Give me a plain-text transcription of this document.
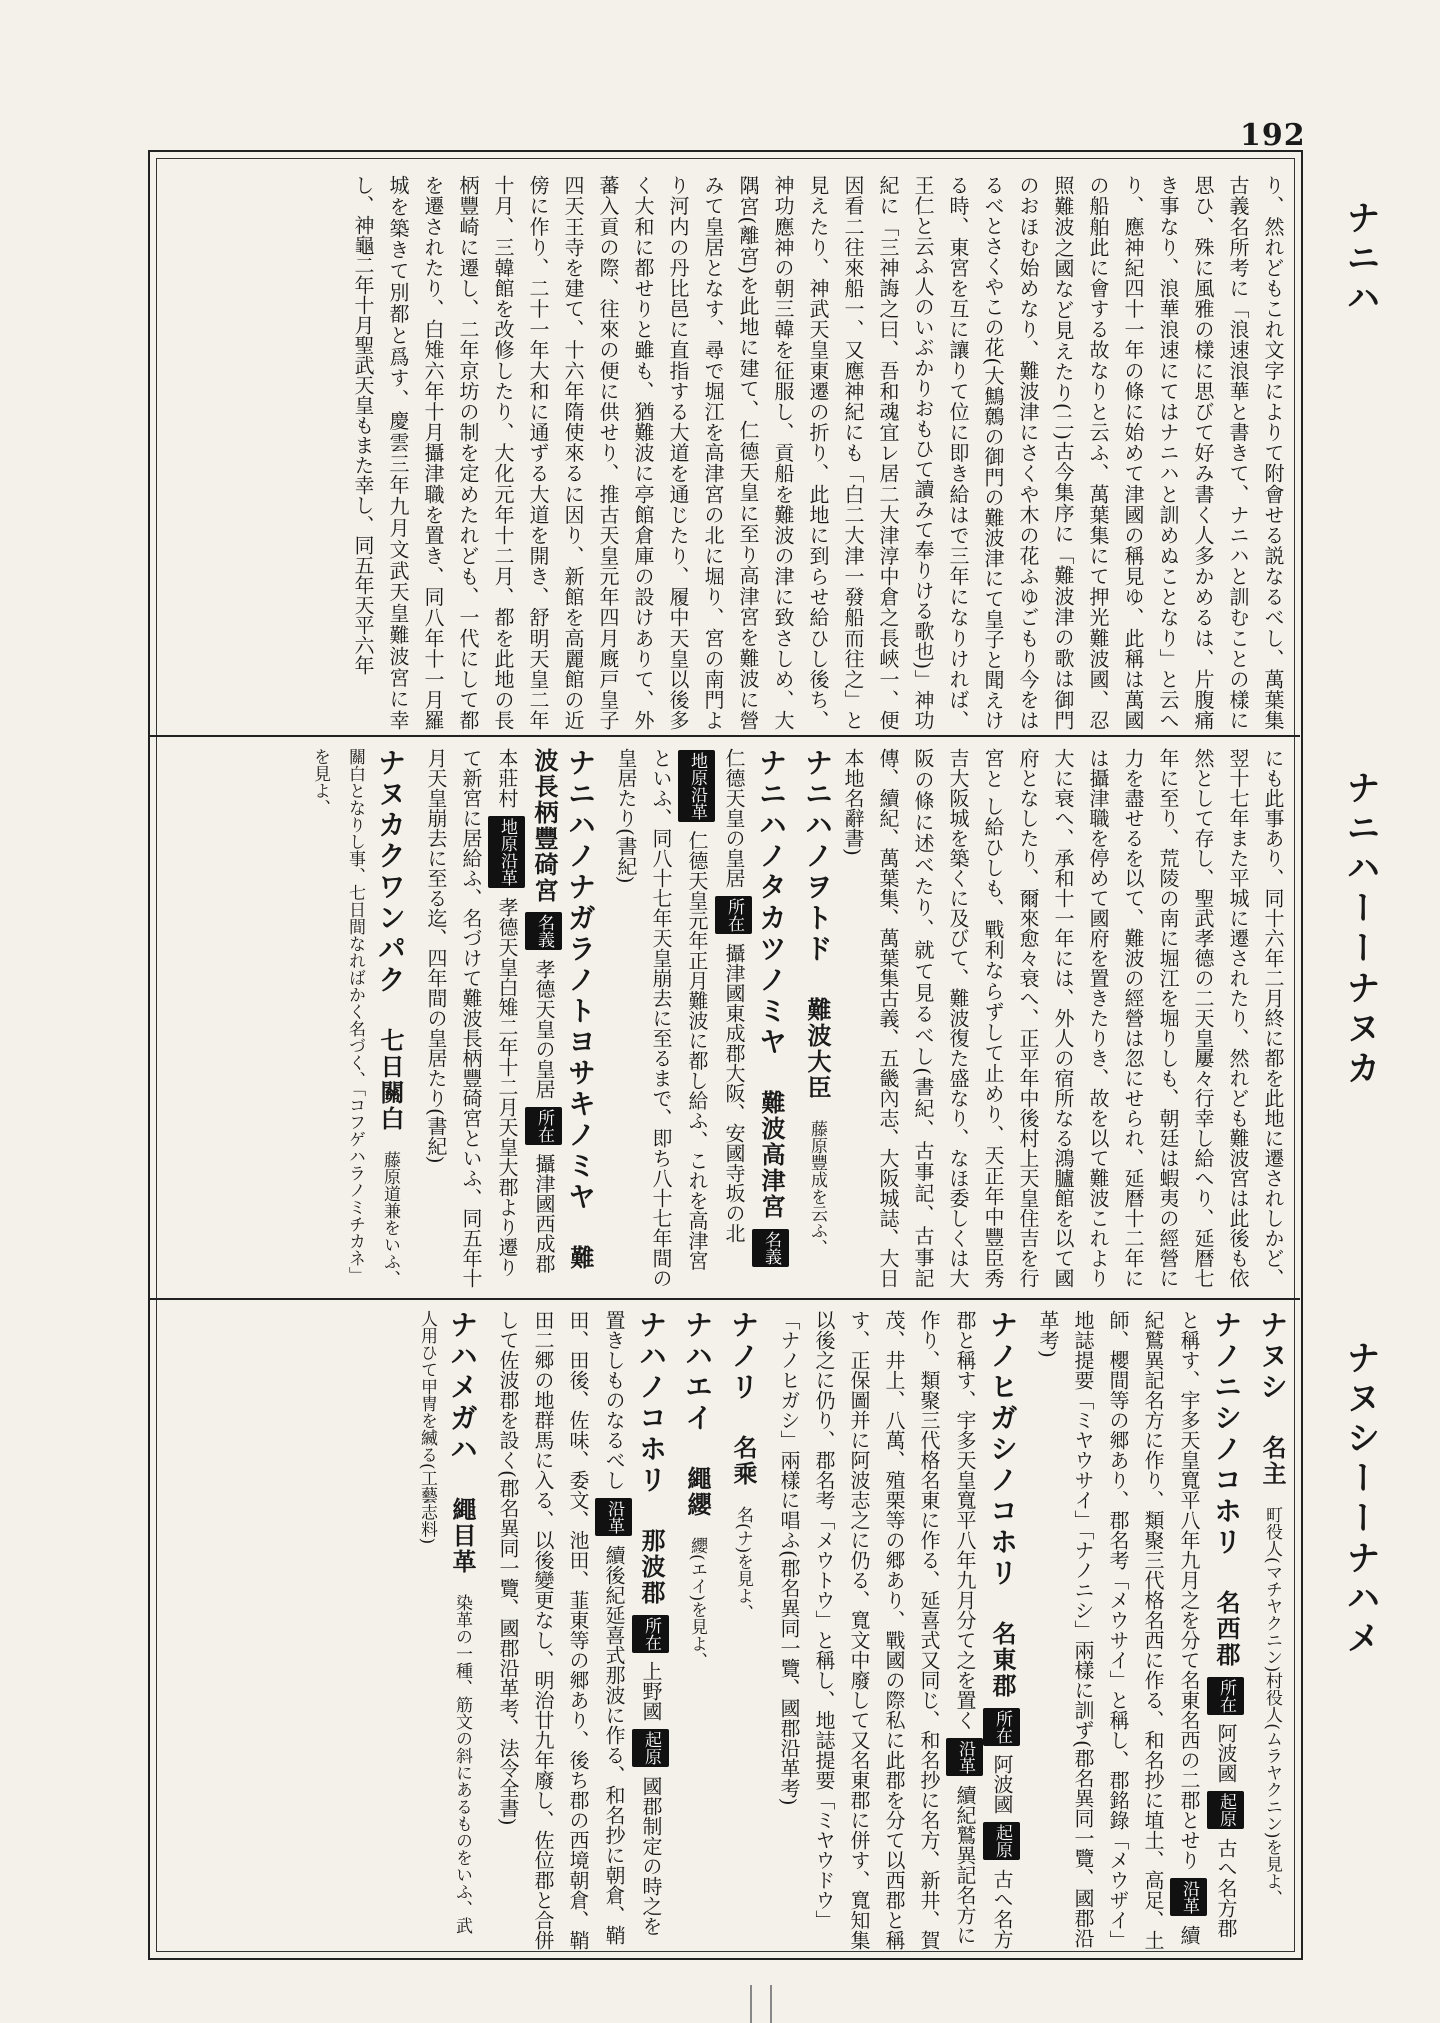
192
ナニハ
ナニハーーナヌカ
ナヌシーーナハメ

り、然れどもこれ文字によりて附會せる説なるべし、萬葉集古義名所考に「浪速浪華と書きて、ナニハと訓むことの樣に思ひ、殊に風雅の樣に思びて好み書く人多かめるは、片腹痛き事なり、浪華浪速にてはナニハと訓めぬことなり」と云へり、應神紀四十一年の條に始めて津國の稱見ゆ、此稱は萬國の船舶此に會する故なりと云ふ、萬葉集にて押光難波國、忍照難波之國など見えたり(二)古今集序に「難波津の歌は御門のおほむ始めなり、難波津にさくや木の花ふゆごもり今をはるべとさくやこの花(大鷦鷯の御門の難波津にて皇子と聞えける時、東宮を互に讓りて位に即き給はで三年になりければ、王仁と云ふ人のいぶかりおもひて讀みて奉りける歌也)」神功紀に「三神誨之曰、吾和魂宜レ居二大津淳中倉之長峽一、便因看二往來船一、又應神紀にも「白二大津一發船而往之」と見えたり、神武天皇東遷の折り、此地に到らせ給ひし後ち、神功應神の朝三韓を征服し、貢船を難波の津に致さしめ、大隅宮(離宮)を此地に建て、仁德天皇に至り高津宮を難波に營みて皇居となす、尋で堀江を高津宮の北に堀り、宮の南門より河内の丹比邑に直指する大道を通じたり、履中天皇以後多く大和に都せりと雖も、猶難波に亭館倉庫の設けありて、外蕃入貢の際、往來の便に供せり、推古天皇元年四月廐戸皇子四天王寺を建て、十六年隋使來るに因り、新館を高麗館の近傍に作り、二十一年大和に通ずる大道を開き、舒明天皇二年十月、三韓館を改修したり、大化元年十二月、都を此地の長柄豐崎に遷し、二年京坊の制を定めたれども、一代にして都を遷されたり、白雉六年十月攝津職を置き、同八年十一月羅城を築きて別都と爲す、慶雲三年九月文武天皇難波宮に幸し、神龜二年十月聖武天皇もまた幸し、同五年天平六年

にも此事あり、同十六年二月終に都を此地に遷されしかど、翌十七年また平城に遷されたり、然れども難波宮は此後も依然として存し、聖武孝德の二天皇屢々行幸し給へり、延暦七年に至り、荒陵の南に堀江を堀りしも、朝廷は蝦夷の經營に力を盡せるを以て、難波の經營は忽にせられ、延暦十二年には攝津職を停めて國府を置きたりき、故を以て難波これより大に衰へ、承和十一年には、外人の宿所なる鴻臚館を以て國府となしたり、爾來愈々衰へ、正平年中後村上天皇住吉を行宮と し給ひしも、戰利ならずして止めり、天正年中豐臣秀吉大阪城を築くに及びて、難波復た盛なり、なほ委しくは大阪の條に述べたり、就て見るべし(書紀、古事記、古事記傳、續紀、萬葉集、萬葉集古義、五畿內志、大阪城誌、大日本地名辭書)

ナニハノヲトド 難波大臣 藤原豐成を云ふ、
ナニハノタカツノミヤ 難波高津宮 名義 仁德天皇の皇居 所在 攝津國東成郡大阪、安國寺坂の北 地原沿革 仁德天皇元年正月難波に都し給ふ、これを高津宮といふ、同八十七年天皇崩去に至るまで、即ち八十七年間の皇居たり(書紀)
ナニハノナガラノトヨサキノミヤ 難波長柄豐碕宮 名義 孝德天皇の皇居 所在 攝津國西成郡本莊村 地原沿革 孝德天皇白雉二年十二月天皇大郡より遷りて新宮に居給ふ、名づけて難波長柄豐碕宮といふ、同五年十月天皇崩去に至る迄、四年間の皇居たり(書紀)
ナヌカクワンパク 七日關白 藤原道兼をいふ、關白となりし事、七日間なればかく名づく、「コフゲハラノミチカネ」を見よ、
ナヌシ 名主 町役人(マチヤクニン)村役人(ムラヤクニン)を見よ、
ナノニシノコホリ 名西郡 所在 阿波國 起原 古へ名方郡と稱す、宇多天皇寬平八年九月之を分て名東名西の二郡とせり 沿革 續紀鷲異記名方に作り、類聚三代格名西に作る、和名抄に埴土、高足、土師、櫻間等の郷あり、郡名考「メウサイ」と稱し、郡銘錄「メウザイ」地誌提要「ミヤウサイ」「ナノニシ」兩樣に訓ず(郡名異同一覽、國郡沿革考)
ナノヒガシノコホリ 名東郡 所在 阿波國 起原 古へ名方郡と稱す、宇多天皇寬平八年九月分て之を置く 沿革 續紀鷲異記名方に作り、類聚三代格名東に作る、延喜式又同じ、和名抄に名方、新井、賀茂、井上、八萬、殖栗等の郷あり、戰國の際私に此郡を分て以西郡と稱す、正保圖并に阿波志之に仍る、寬文中廢して又名東郡に併す、寬知集以後之に仍り、郡名考「メウトウ」と稱し、地誌提要「ミヤウドウ」「ナノヒガシ」兩樣に唱ふ(郡名異同一覽、國郡沿革考)
ナノリ 名乘 名(ナ)を見よ、
ナハエイ 繩纓 纓(エイ)を見よ、
ナハノコホリ 那波郡 所在 上野國 起原 國郡制定の時之を置きしものなるべし 沿革 續後紀延喜式那波に作る、和名抄に朝倉、鞘田、田後、佐味、委文、池田、韮東等の郷あり、後ち郡の西境朝倉、鞘田二郷の地群馬に入る、以後變更なし、明治廿九年廢し、佐位郡と合併して佐波郡を設く(郡名異同一覽、國郡沿革考、法令全書)
ナハメガハ 繩目革 染革の一種、筋文の斜にあるものをいふ、武人用ひて甲冑を縅る(工藝志料)
